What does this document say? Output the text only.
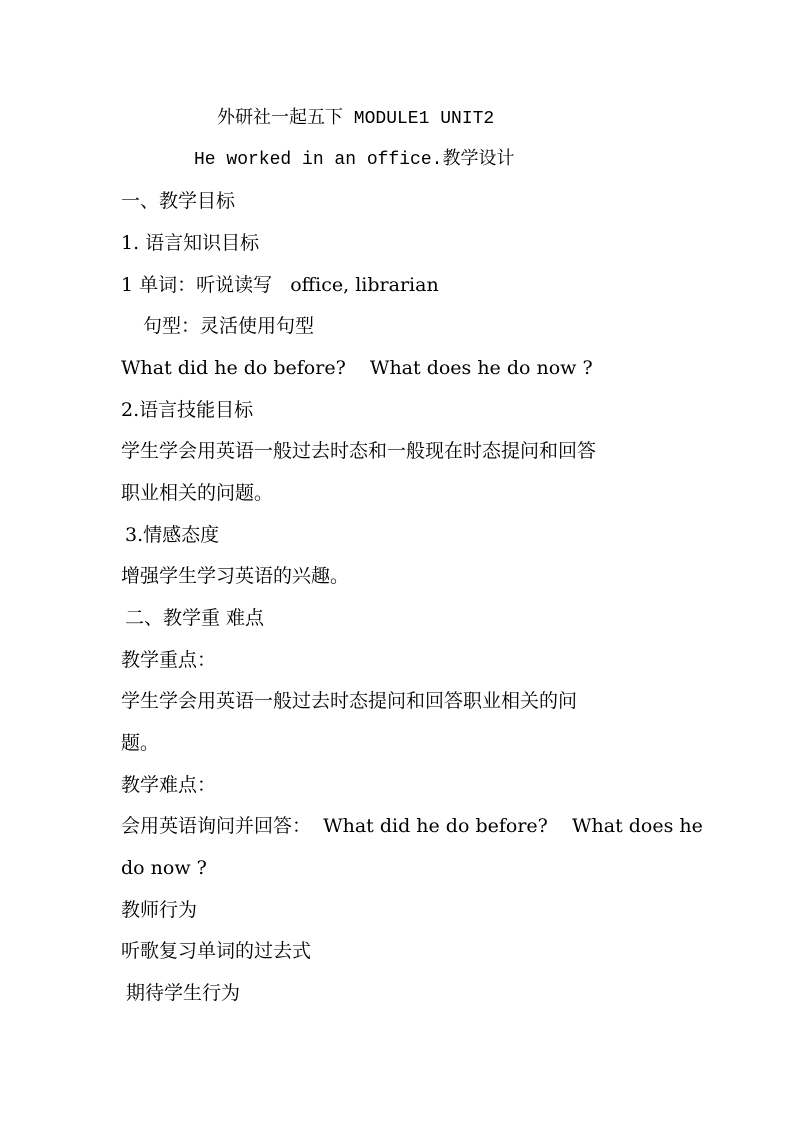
外研社一起五下 MODULE1 UNIT2
He worked in an office.教学设计
一、教学目标
1. 语言知识目标
1 单词：听说读写   office, librarian
句型：灵活使用句型
What did he do before?    What does he do now ?
2.语言技能目标
学生学会用英语一般过去时态和一般现在时态提问和回答
职业相关的问题。
3.情感态度
增强学生学习英语的兴趣。
二、教学重 难点
教学重点：
学生学会用英语一般过去时态提问和回答职业相关的问
题。
教学难点：
会用英语询问并回答：  What did he do before?    What does he
do now ?
教师行为
听歌复习单词的过去式
期待学生行为
